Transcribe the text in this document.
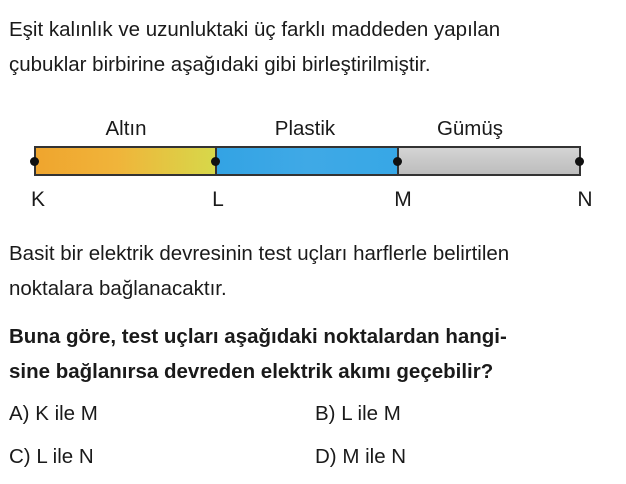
Eşit kalınlık ve uzunluktaki üç farklı maddeden yapılan
çubuklar birbirine aşağıdaki gibi birleştirilmiştir.
Altın	Plastik	Gümüş
K	L	M	N
Basit bir elektrik devresinin test uçları harflerle belirtilen
noktalara bağlanacaktır.
Buna göre, test uçları aşağıdaki noktalardan hangi-
sine bağlanırsa devreden elektrik akımı geçebilir?
A) K ile M	B) L ile M
C) L ile N	D) M ile N
